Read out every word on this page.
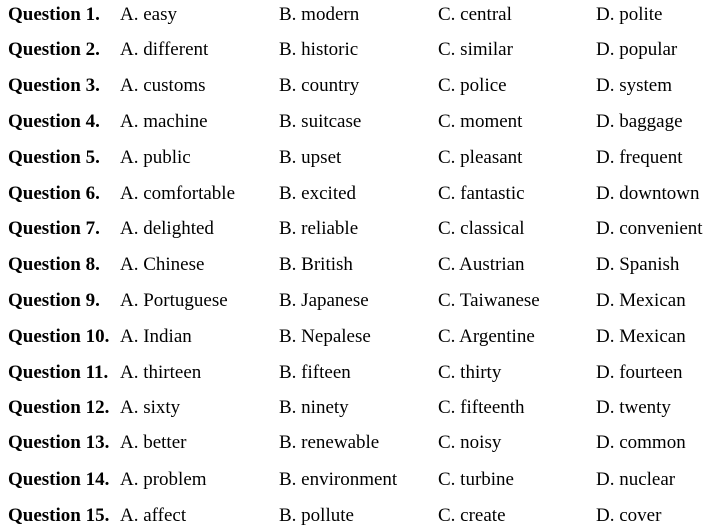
Question 1. A. easy	B. modern	C. central	D. polite
Question 2. A. different	B. historic	C. similar	D. popular
Question 3. A. customs	B. country	C. police	D. system
Question 4. A. machine	B. suitcase	C. moment	D. baggage
Question 5. A. public	B. upset	C. pleasant	D. frequent
Question 6. A. comfortable B. excited	C. fantastic	D. downtown
Question 7. A. delighted	B. reliable	C. classical	D. convenient
Question 8. A. Chinese	B. British	C. Austrian	D. Spanish
Question 9. A. Portuguese	B. Japanese	C. Taiwanese	D. Mexican
Question 10. A. Indian	B. Nepalese	C. Argentine	D. Mexican
Question 11. A. thirteen	B. fifteen	C. thirty	D. fourteen
Question 12. A. sixty	B. ninety	C. fifteenth	D. twenty
Question 13. A. better	B. renewable	C. noisy	D. common
Question 14. A. problem	B. environment C. turbine	D. nuclear
Question 15. A. affect	B. pollute	C. create	D. cover
